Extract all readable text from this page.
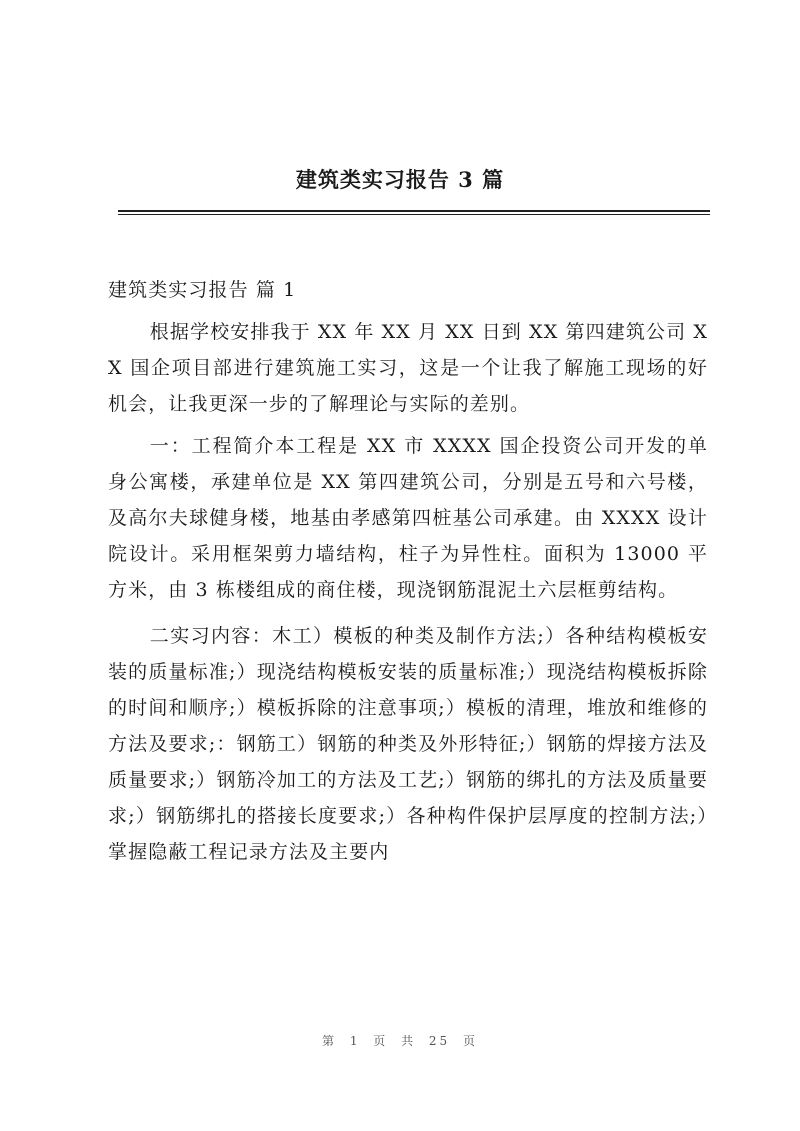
建筑类实习报告 3 篇

建筑类实习报告 篇 1

根据学校安排我于 XX 年 XX 月 XX 日到 XX 第四建筑公司 XX 国企项目部进行建筑施工实习，这是一个让我了解施工现场的好机会，让我更深一步的了解理论与实际的差别。

一：工程简介本工程是 XX 市 XXXX 国企投资公司开发的单身公寓楼，承建单位是 XX 第四建筑公司，分别是五号和六号楼，及高尔夫球健身楼，地基由孝感第四桩基公司承建。由 XXXX 设计院设计。采用框架剪力墙结构，柱子为异性柱。面积为 13000 平方米，由 3 栋楼组成的商住楼，现浇钢筋混泥土六层框剪结构。

二实习内容：木工）模板的种类及制作方法;）各种结构模板安装的质量标准;）现浇结构模板安装的质量标准;）现浇结构模板拆除的时间和顺序;）模板拆除的注意事项;）模板的清理，堆放和维修的方法及要求;：钢筋工）钢筋的种类及外形特征;）钢筋的焊接方法及质量要求;）钢筋冷加工的方法及工艺;）钢筋的绑扎的方法及质量要求;）钢筋绑扎的搭接长度要求;）各种构件保护层厚度的控制方法;）掌握隐蔽工程记录方法及主要内

第 1 页 共 25 页
